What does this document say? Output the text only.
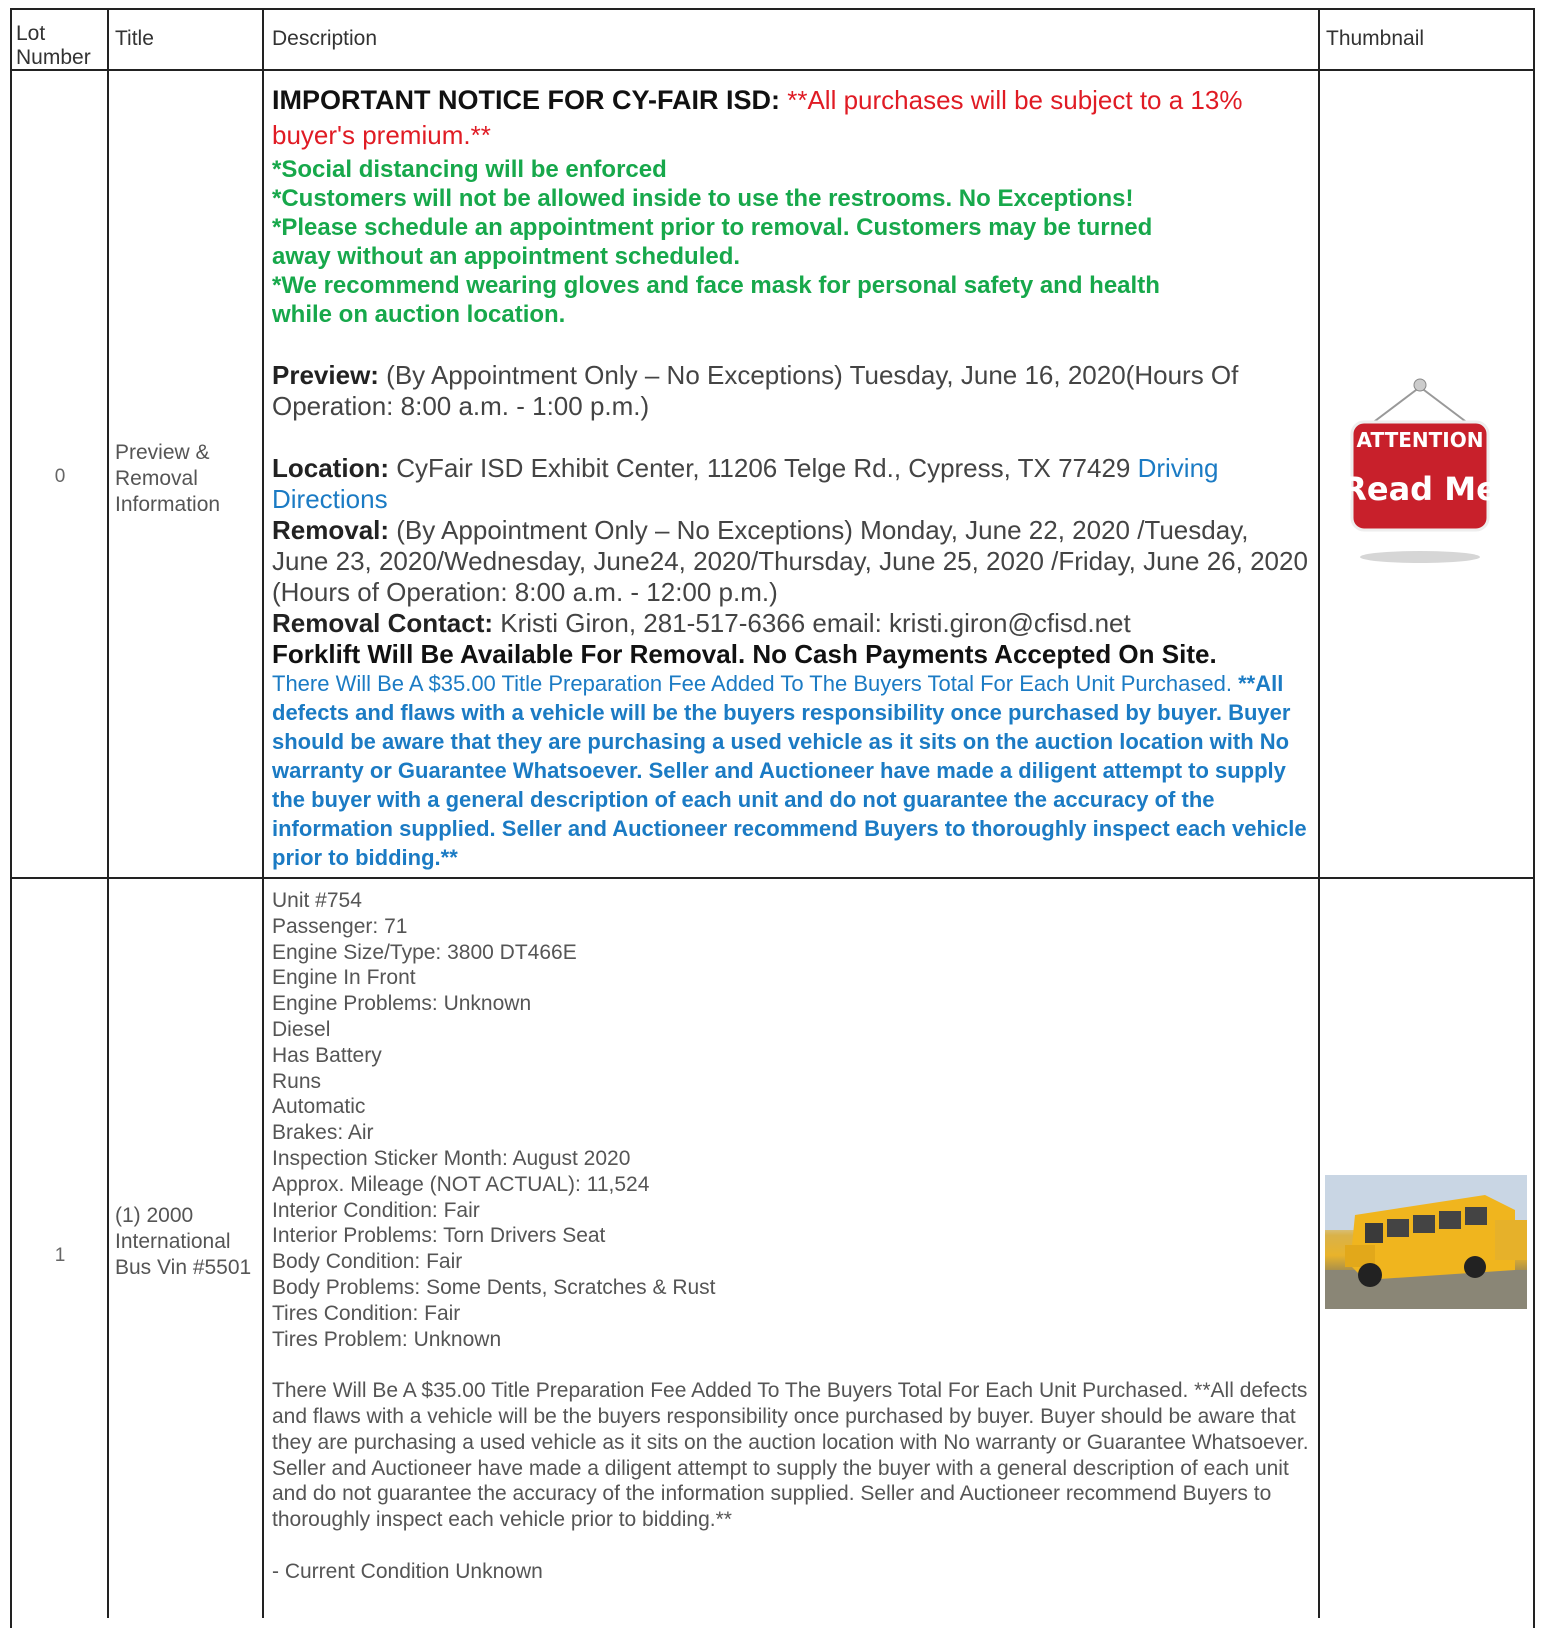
Lot
Number
Title	Description	Thumbnail
0
Preview & Removal Information

IMPORTANT NOTICE FOR CY-FAIR ISD: **All purchases will be subject to a 13% buyer's premium.**

*Social distancing will be enforced

*Customers will not be allowed inside to use the restrooms. No Exceptions!

*Please schedule an appointment prior to removal. Customers may be turned away without an appointment scheduled.

*We recommend wearing gloves and face mask for personal safety and health while on auction location.

Preview: (By Appointment Only – No Exceptions) Tuesday, June 16, 2020(Hours Of Operation: 8:00 a.m. - 1:00 p.m.)

Location: CyFair ISD Exhibit Center, 11206 Telge Rd., Cypress, TX 77429 Driving Directions

Removal: (By Appointment Only – No Exceptions) Monday, June 22, 2020 /Tuesday, June 23, 2020/Wednesday, June24, 2020/Thursday, June 25, 2020 /Friday, June 26, 2020 (Hours of Operation: 8:00 a.m. - 12:00 p.m.)

Removal Contact: Kristi Giron, 281-517-6366 email: kristi.giron@cfisd.net

Forklift Will Be Available For Removal. No Cash Payments Accepted On Site.

There Will Be A $35.00 Title Preparation Fee Added To The Buyers Total For Each Unit Purchased. **All defects and flaws with a vehicle will be the buyers responsibility once purchased by buyer. Buyer should be aware that they are purchasing a used vehicle as it sits on the auction location with No warranty or Guarantee Whatsoever. Seller and Auctioneer have made a diligent attempt to supply the buyer with a general description of each unit and do not guarantee the accuracy of the information supplied. Seller and Auctioneer recommend Buyers to thoroughly inspect each vehicle prior to bidding.**

ATTENTION
Read Me
1
(1) 2000 International Bus Vin #5501
Unit #754
Passenger: 71
Engine Size/Type: 3800 DT466E
Engine In Front
Engine Problems: Unknown
Diesel
Has Battery
Runs
Automatic
Brakes: Air
Inspection Sticker Month: August 2020
Approx. Mileage (NOT ACTUAL): 11,524
Interior Condition: Fair
Interior Problems: Torn Drivers Seat
Body Condition: Fair
Body Problems: Some Dents, Scratches & Rust
Tires Condition: Fair
Tires Problem: Unknown
There Will Be A $35.00 Title Preparation Fee Added To The Buyers Total For Each Unit Purchased. **All defects and flaws with a vehicle will be the buyers responsibility once purchased by buyer. Buyer should be aware that they are purchasing a used vehicle as it sits on the auction location with No warranty or Guarantee Whatsoever. Seller and Auctioneer have made a diligent attempt to supply the buyer with a general description of each unit and do not guarantee the accuracy of the information supplied. Seller and Auctioneer recommend Buyers to thoroughly inspect each vehicle prior to bidding.**
- Current Condition Unknown
